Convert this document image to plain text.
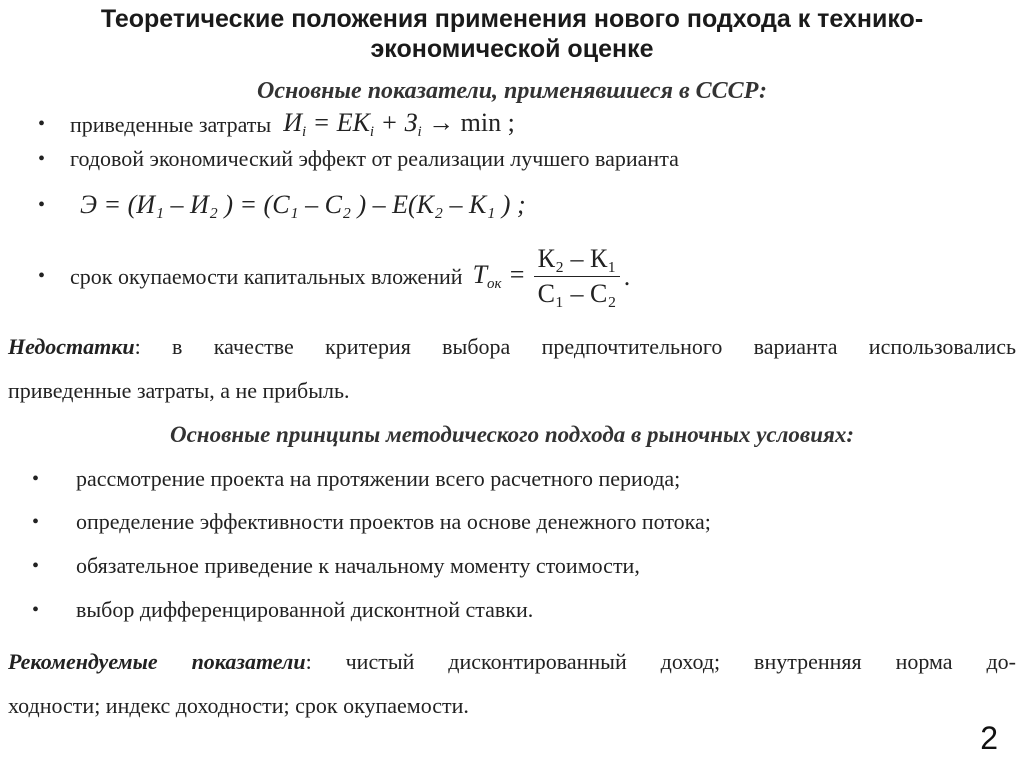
Теоретические положения применения нового подхода к технико-
экономической оценке
Основные показатели, применявшиеся в СССР:
•	приведенные затраты Иi = ЕКi + Зi → min ;
•	годовой экономический эффект от реализации лучшего варианта
•	Э = (И₁ – И₂ ) = (С₁ – С₂ ) – Е(К₂ – К₁ ) ;
•	срок окупаемости капитальных вложений Ток = $\frac{\text{К₂ – К₁}}{\text{С₁ – С₂}}$ .
Недостатки: в качестве критерия выбора предпочтительного варианта использовались
приведенные затраты, а не прибыль.
Основные принципы методического подхода в рыночных условиях:
•	рассмотрение проекта на протяжении всего расчетного периода;
•	определение эффективности проектов на основе денежного потока;
•	обязательное приведение к начальному моменту стоимости,
•	выбор дифференцированной дисконтной ставки.
Рекомендуемые показатели: чистый дисконтированный доход; внутренняя норма до-
ходности; индекс доходности; срок окупаемости.
2
